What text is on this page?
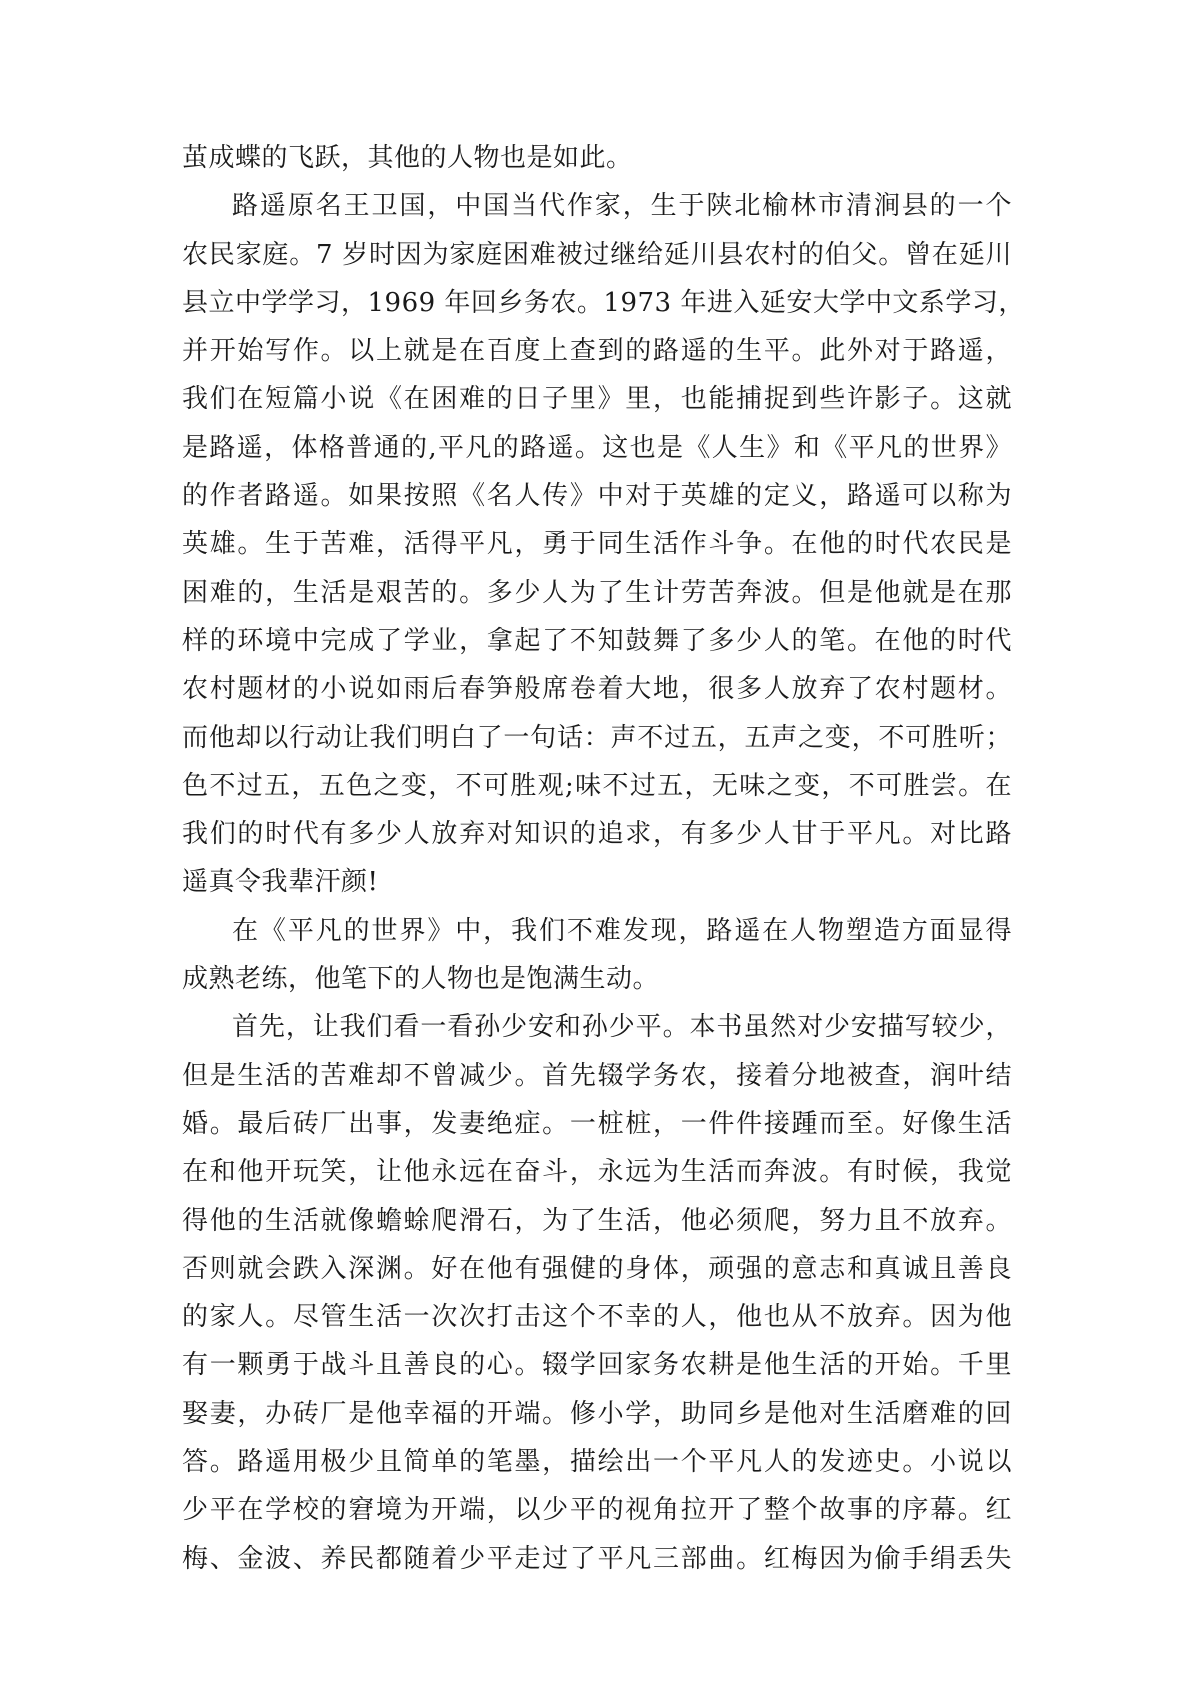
茧成蝶的飞跃，其他的人物也是如此。
路遥原名王卫国，中国当代作家，生于陕北榆林市清涧县的一个
农民家庭。7 岁时因为家庭困难被过继给延川县农村的伯父。曾在延川
县立中学学习，1969 年回乡务农。1973 年进入延安大学中文系学习，
并开始写作。以上就是在百度上查到的路遥的生平。此外对于路遥，
我们在短篇小说《在困难的日子里》里，也能捕捉到些许影子。这就
是路遥，体格普通的,平凡的路遥。这也是《人生》和《平凡的世界》
的作者路遥。如果按照《名人传》中对于英雄的定义，路遥可以称为
英雄。生于苦难，活得平凡，勇于同生活作斗争。在他的时代农民是
困难的，生活是艰苦的。多少人为了生计劳苦奔波。但是他就是在那
样的环境中完成了学业，拿起了不知鼓舞了多少人的笔。在他的时代
农村题材的小说如雨后春笋般席卷着大地，很多人放弃了农村题材。
而他却以行动让我们明白了一句话：声不过五，五声之变，不可胜听；
色不过五，五色之变，不可胜观;味不过五，无味之变，不可胜尝。在
我们的时代有多少人放弃对知识的追求，有多少人甘于平凡。对比路
遥真令我辈汗颜!
在《平凡的世界》中，我们不难发现，路遥在人物塑造方面显得
成熟老练，他笔下的人物也是饱满生动。
首先，让我们看一看孙少安和孙少平。本书虽然对少安描写较少，
但是生活的苦难却不曾减少。首先辍学务农，接着分地被查，润叶结
婚。最后砖厂出事，发妻绝症。一桩桩，一件件接踵而至。好像生活
在和他开玩笑，让他永远在奋斗，永远为生活而奔波。有时候，我觉
得他的生活就像蟾蜍爬滑石，为了生活，他必须爬，努力且不放弃。
否则就会跌入深渊。好在他有强健的身体，顽强的意志和真诚且善良
的家人。尽管生活一次次打击这个不幸的人，他也从不放弃。因为他
有一颗勇于战斗且善良的心。辍学回家务农耕是他生活的开始。千里
娶妻，办砖厂是他幸福的开端。修小学，助同乡是他对生活磨难的回
答。路遥用极少且简单的笔墨，描绘出一个平凡人的发迹史。小说以
少平在学校的窘境为开端，以少平的视角拉开了整个故事的序幕。红
梅、金波、养民都随着少平走过了平凡三部曲。红梅因为偷手绢丢失
